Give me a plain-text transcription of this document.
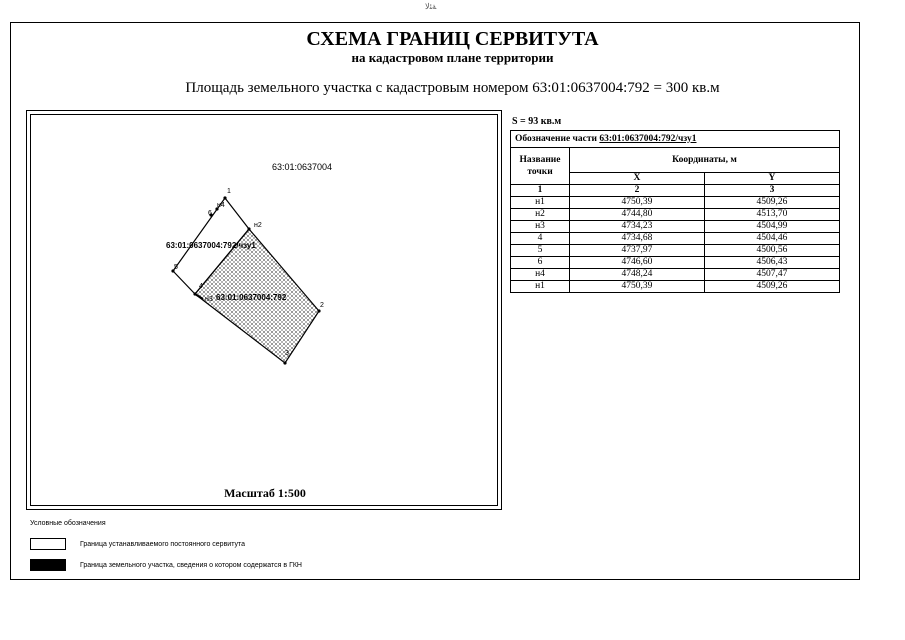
ﺔﺌﻟﺎ
СХЕМА ГРАНИЦ СЕРВИТУТА
на кадастровом плане территории
Площадь земельного участка с кадастровым номером 63:01:0637004:792 = 300 кв.м
63:01:0637004
63:01:0637004:792/чзу1
63:01:0637004:792
1
н4
6
н2
5
4
н3
2
3
Масштаб 1:500
S = 93 кв.м
Обозначение части 63:01:0637004:792/чзу1		
Название точки	Координаты, м	
	X	Y
1	2	3
н1	4750,39	4509,26
н2	4744,80	4513,70
н3	4734,23	4504,99
4	4734,68	4504,46
5	4737,97	4500,56
6	4746,60	4506,43
н4	4748,24	4507,47
н1	4750,39	4509,26
Условные обозначения
Граница устанавливаемого постоянного сервитута
Граница земельного участка, сведения о котором содержатся в ГКН
